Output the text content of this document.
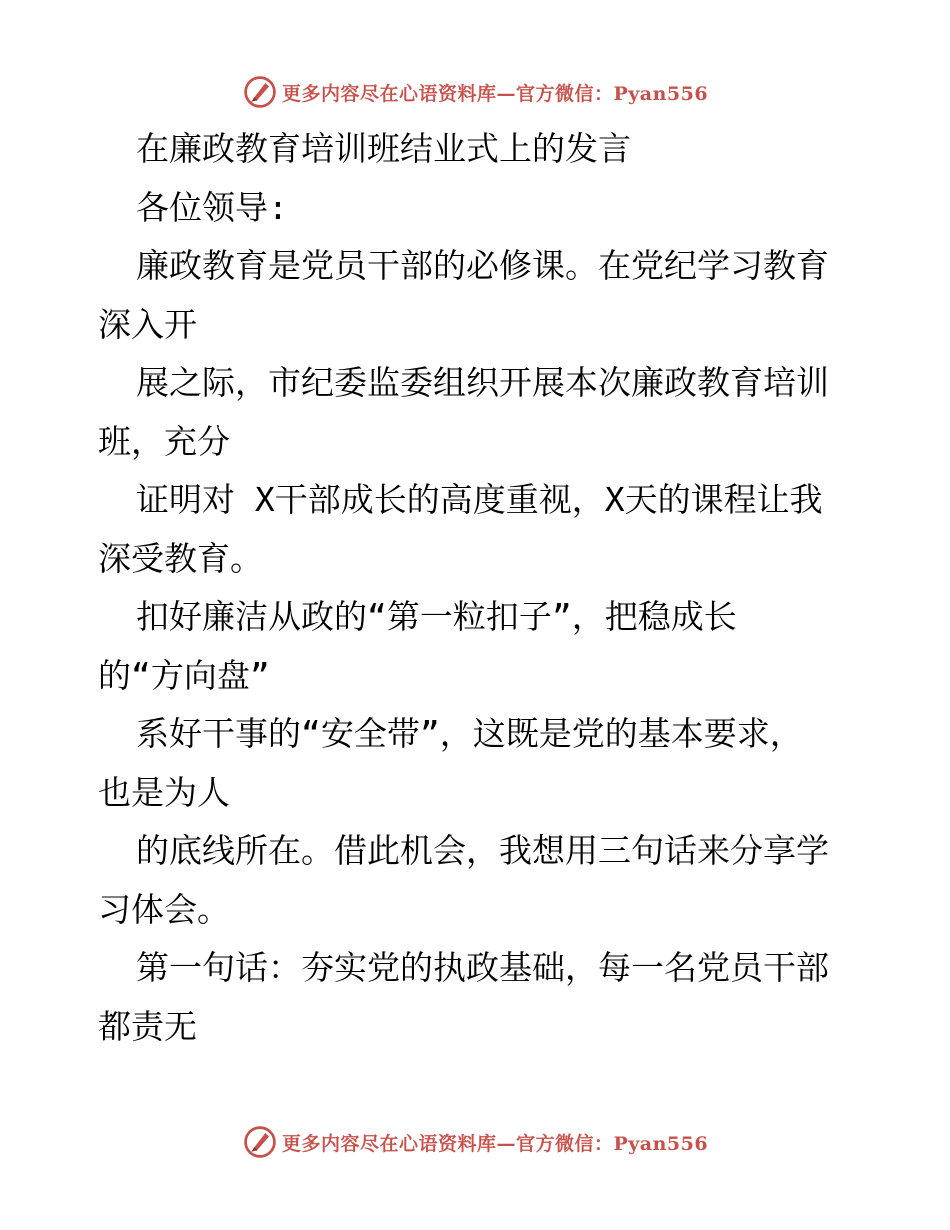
更多内容尽在心语资料库—官方微信：Pyan556
在廉政教育培训班结业式上的发言
各位领导:
廉政教育是党员干部的必修课。在党纪学习教育
深入开
展之际，市纪委监委组织开展本次廉政教育培训
班，充分
证明对 X干部成长的高度重视，X天的课程让我
深受教育。
扣好廉洁从政的“第一粒扣子”，把稳成长
的“方向盘”
系好干事的“安全带”，这既是党的基本要求，
也是为人
的底线所在。借此机会，我想用三句话来分享学
习体会。
第一句话：夯实党的执政基础，每一名党员干部
都责无
更多内容尽在心语资料库—官方微信：Pyan556
